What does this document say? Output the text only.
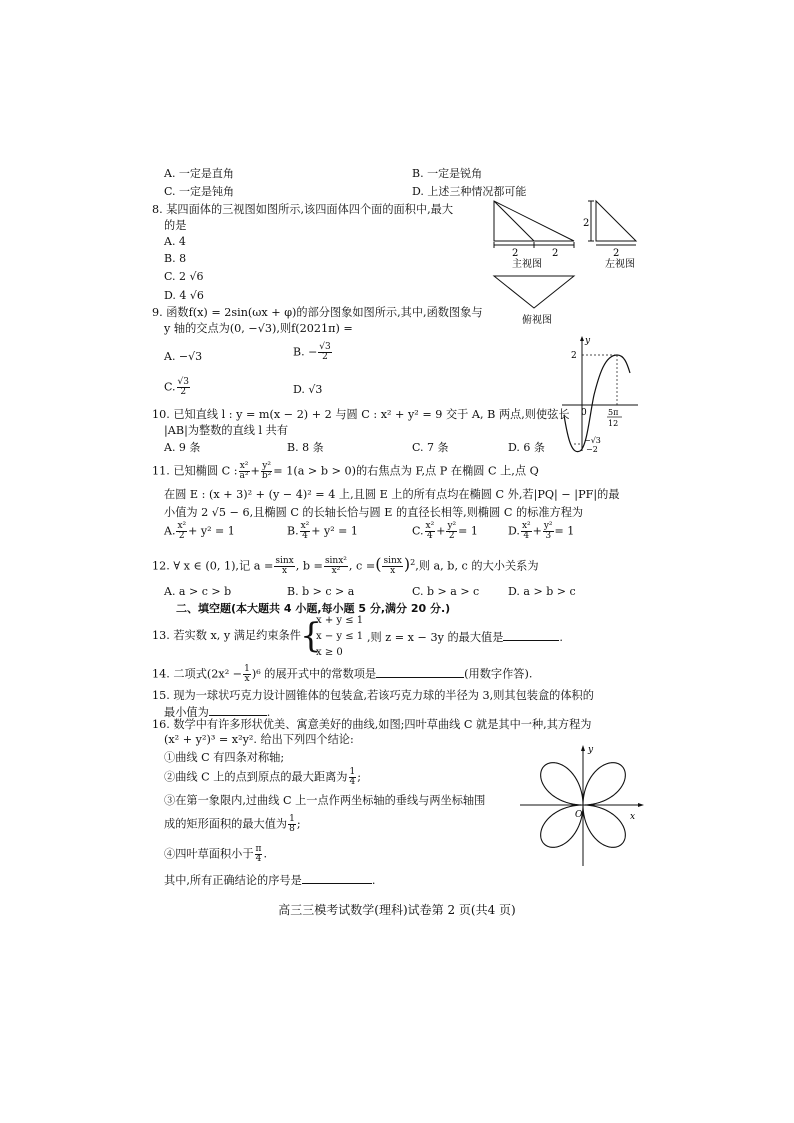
A. 一定是直角	B. 一定是锐角
C. 一定是钝角	D. 上述三种情况都可能
8. 某四面体的三视图如图所示,该四面体四个面的面积中,最大
的是
A. 4
B. 8
C. 2 √6
D. 4 √6
2	2
主视图
2
2
左视图
俯视图
9. 函数f(x) = 2sin(ωx + φ)的部分图象如图所示,其中,函数图象与
y 轴的交点为(0, −√3),则f(2021π) =
A. −√3	B. − $\frac{√3}{2}$
C. $\frac{√3}{2}$	D. √3
y
2
0	5π
12
−√3
−2
10. 已知直线 l : y = m(x − 2) + 2 与圆 C : x² + y² = 9 交于 A, B 两点,则使弦长
|AB|为整数的直线 l 共有
A. 9 条	B. 8 条	C. 7 条	D. 6 条
11. 已知椭圆 C : $\frac{\text{x²}}{\text{a²}} + \frac{\text{y²}}{\text{b²}} = 1(a > b > 0)$的右焦点为 F,点 P 在椭圆 C 上,点 Q
在圆 E : (x + 3)² + (y − 4)² = 4 上,且圆 E 上的所有点均在椭圆 C 外,若|PQ| − |PF|的最
小值为 2 √5 − 6,且椭圆 C 的长轴长恰与圆 E 的直径长相等,则椭圆 C 的标准方程为
A. $\frac{\text{x²}}{2} + y^2 = 1$	B. $\frac{\text{x²}}{4} + y^2 = 1$	C. $\frac{\text{x²}}{4} + \frac{\text{y²}}{2} = 1$	D. $\frac{\text{x²}}{4} + \frac{\text{y²}}{3} = 1$
12. ∀ x ∈ (0, 1),记 $a = \frac{\sin x}{x}$ , $b = \frac{\text{sinx²}}{\text{x²}}$ , c =( $\frac{\sin x}{x} )^2$,则 a, b, c 的大小关系为
A. a > c > b	B. b > c > a	C. b > a > c	D. a > b > c
二、填空题(本大题共 4 小题,每小题 5 分,满分 20 分.)
13. 若实数 x, y 满足约束条件 {
x + y ≤ 1
x − y ≤ 1
x ≥ 0
,则 z = x − 3y 的最大值是	.
14. 二项式$(2x^2 - \frac{1}{x} )^6$ 的展开式中的常数项是	(用数字作答).
15. 现为一球状巧克力设计圆锥体的包装盒,若该巧克力球的半径为 3,则其包装盒的体积的
最小值为	.
16. 数学中有许多形状优美、寓意美好的曲线,如图;四叶草曲线 C 就是其中一种,其方程为
(x² + y²)³ = x²y². 给出下列四个结论:
①曲线 C 有四条对称轴;
②曲线 C 上的点到原点的最大距离为 $\frac{1}{4}$ ;
③在第一象限内,过曲线 C 上一点作两坐标轴的垂线与两坐标轴围
成的矩形面积的最大值为 $\frac{1}{8}$ ;
④四叶草面积小于 $\frac{\pi}{4}$ .
其中,所有正确结论的序号是	.
y
x
O
高三三模考试数学(理科)试卷第 2 页(共4 页)
